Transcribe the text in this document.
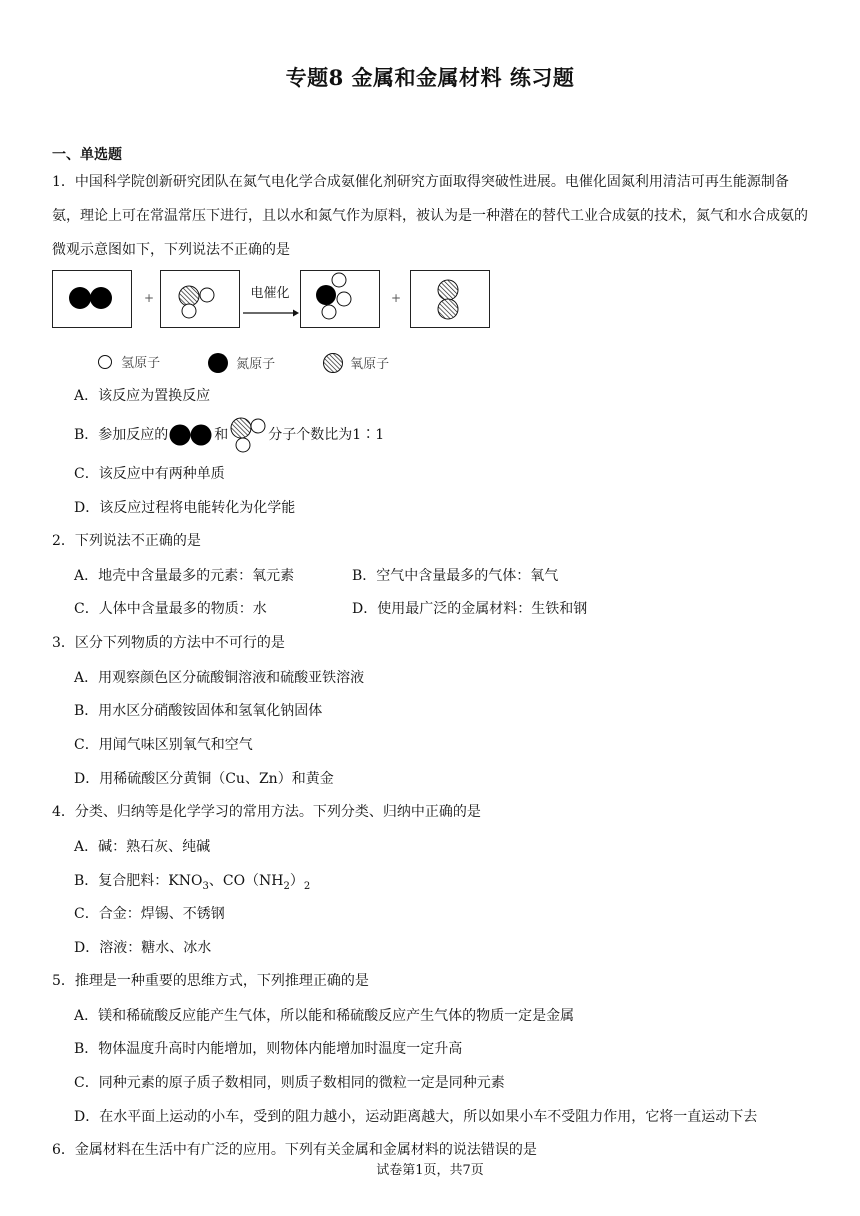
专题8 金属和金属材料 练习题
一、单选题
1．中国科学院创新研究团队在氮气电化学合成氨催化剂研究方面取得突破性进展。电催化固氮利用清洁可再生能源制备氨，理论上可在常温常压下进行，且以水和氮气作为原料，被认为是一种潜在的替代工业合成氨的技术，氮气和水合成氨的微观示意图如下，下列说法不正确的是
+	电催化	+
氢原子	氮原子	氧原子
A．该反应为置换反应
B．参加反应的	和	分子个数比为1∶1
C．该反应中有两种单质
D．该反应过程将电能转化为化学能
2．下列说法不正确的是
A．地壳中含量最多的元素：氧元素	B．空气中含量最多的气体：氧气
C．人体中含量最多的物质：水	D．使用最广泛的金属材料：生铁和钢
3．区分下列物质的方法中不可行的是
A．用观察颜色区分硫酸铜溶液和硫酸亚铁溶液
B．用水区分硝酸铵固体和氢氧化钠固体
C．用闻气味区别氧气和空气
D．用稀硫酸区分黄铜（Cu、Zn）和黄金
4．分类、归纳等是化学学习的常用方法。下列分类、归纳中正确的是
A．碱：熟石灰、纯碱
B．复合肥料：$KNO_3$、$CO(NH_2)_2$
C．合金：焊锡、不锈钢
D．溶液：糖水、冰水
5．推理是一种重要的思维方式，下列推理正确的是
A．镁和稀硫酸反应能产生气体，所以能和稀硫酸反应产生气体的物质一定是金属
B．物体温度升高时内能增加，则物体内能增加时温度一定升高
C．同种元素的原子质子数相同，则质子数相同的微粒一定是同种元素
D．在水平面上运动的小车，受到的阻力越小，运动距离越大，所以如果小车不受阻力作用，它将一直运动下去
6．金属材料在生活中有广泛的应用。下列有关金属和金属材料的说法错误的是
试卷第1页，共7页
